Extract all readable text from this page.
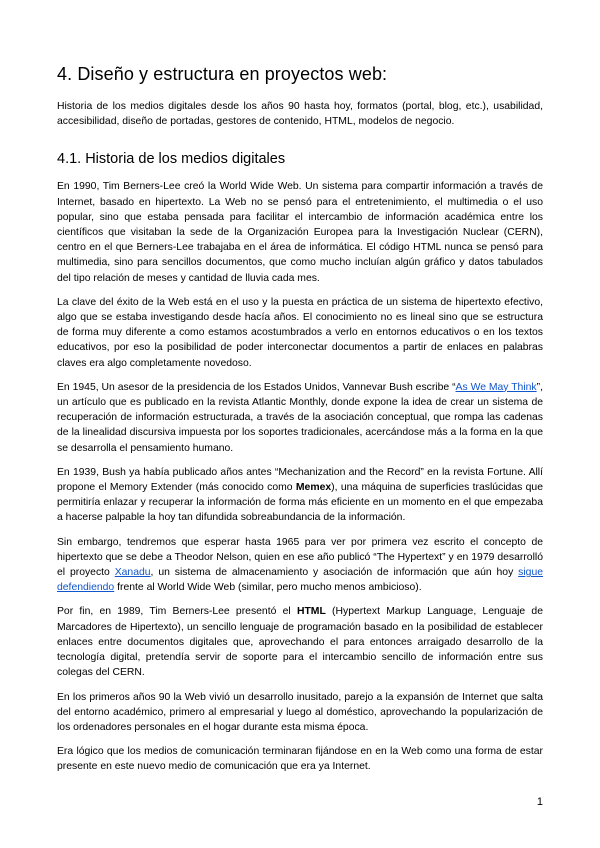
4. Diseño y estructura en proyectos web:

Historia de los medios digitales desde los años 90 hasta hoy, formatos (portal, blog, etc.), usabilidad, accesibilidad, diseño de portadas, gestores de contenido, HTML, modelos de negocio.

4.1. Historia de los medios digitales

En 1990, Tim Berners-Lee creó la World Wide Web. Un sistema para compartir información a través de Internet, basado en hipertexto. La Web no se pensó para el entretenimiento, el multimedia o el uso popular, sino que estaba pensada para facilitar el intercambio de información académica entre los científicos que visitaban la sede de la Organización Europea para la Investigación Nuclear (CERN), centro en el que Berners-Lee trabajaba en el área de informática. El código HTML nunca se pensó para multimedia, sino para sencillos documentos, que como mucho incluían algún gráfico y datos tabulados del tipo relación de meses y cantidad de lluvia cada mes.

La clave del éxito de la Web está en el uso y la puesta en práctica de un sistema de hipertexto efectivo, algo que se estaba investigando desde hacía años. El conocimiento no es lineal sino que se estructura de forma muy diferente a como estamos acostumbrados a verlo en entornos educativos o en los textos educativos, por eso la posibilidad de poder interconectar documentos a partir de enlaces en palabras claves era algo completamente novedoso.

En 1945, Un asesor de la presidencia de los Estados Unidos, Vannevar Bush escribe “As We May Think”, un artículo que es publicado en la revista Atlantic Monthly, donde expone la idea de crear un sistema de recuperación de información estructurada, a través de la asociación conceptual, que rompa las cadenas de la linealidad discursiva impuesta por los soportes tradicionales, acercándose más a la forma en la que se desarrolla el pensamiento humano.

En 1939, Bush ya había publicado años antes “Mechanization and the Record” en la revista Fortune. Allí propone el Memory Extender (más conocido como Memex), una máquina de superficies traslúcidas que permitiría enlazar y recuperar la información de forma más eficiente en un momento en el que empezaba a hacerse palpable la hoy tan difundida sobreabundancia de la información.

Sin embargo, tendremos que esperar hasta 1965 para ver por primera vez escrito el concepto de hipertexto que se debe a Theodor Nelson, quien en ese año publicó “The Hypertext” y en 1979 desarrolló el proyecto Xanadu, un sistema de almacenamiento y asociación de información que aún hoy sigue defendiendo frente al World Wide Web (similar, pero mucho menos ambicioso).

Por fin, en 1989, Tim Berners-Lee presentó el HTML (Hypertext Markup Language, Lenguaje de Marcadores de Hipertexto), un sencillo lenguaje de programación basado en la posibilidad de establecer enlaces entre documentos digitales que, aprovechando el para entonces arraigado desarrollo de la tecnología digital, pretendía servir de soporte para el intercambio sencillo de información entre sus colegas del CERN.

En los primeros años 90 la Web vivió un desarrollo inusitado, parejo a la expansión de Internet que salta del entorno académico, primero al empresarial y luego al doméstico, aprovechando la popularización de los ordenadores personales en el hogar durante esta misma época.

Era lógico que los medios de comunicación terminaran fijándose en en la Web como una forma de estar presente en este nuevo medio de comunicación que era ya Internet.

1
